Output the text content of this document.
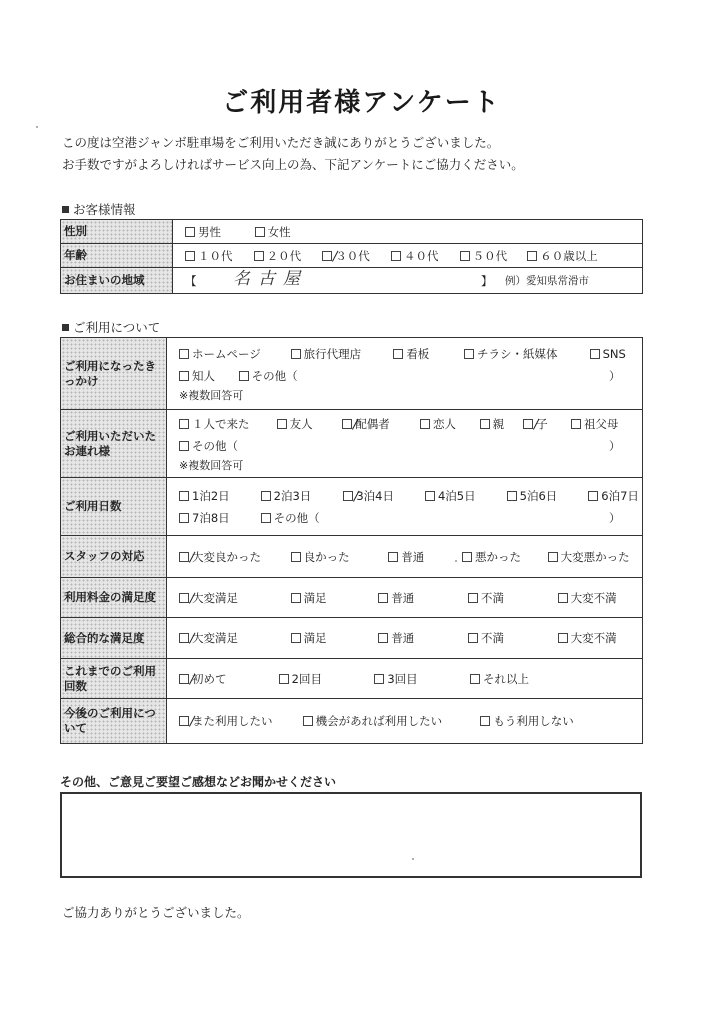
ご利用者様アンケート
この度は空港ジャンボ駐車場をご利用いただき誠にありがとうございました。
お手数ですがよろしければサービス向上の為、下記アンケートにご協力ください。
お客様情報
性別	男性 女性

年齢	１０代 ２０代 ３０代 ４０代 ５０代 ６０歳以上

お住まいの地域	【 名古屋 】 例）愛知県常滑市
ご利用について
ご利用になったきっかけ	ホームページ 旅行代理店 看板 チラシ・紙媒体 SNS
知人 その他（ ）
※複数回答可

ご利用いただいたお連れ様	１人で来た 友人 配偶者 恋人 親 子 祖父母
その他（ ）
※複数回答可

ご利用日数	1泊2日 2泊3日 3泊4日 4泊5日 5泊6日 6泊7日
7泊8日 その他（ ）

スタッフの対応	大変良かった 良かった 普通 悪かった 大変悪かった

利用料金の満足度	大変満足 満足 普通 不満 大変不満

総合的な満足度	大変満足 満足 普通 不満 大変不満

これまでのご利用回数	初めて 2回目 3回目 それ以上

今後のご利用について	また利用したい 機会があれば利用したい もう利用しない
その他、ご意見ご要望ご感想などお聞かせください
ご協力ありがとうございました。
